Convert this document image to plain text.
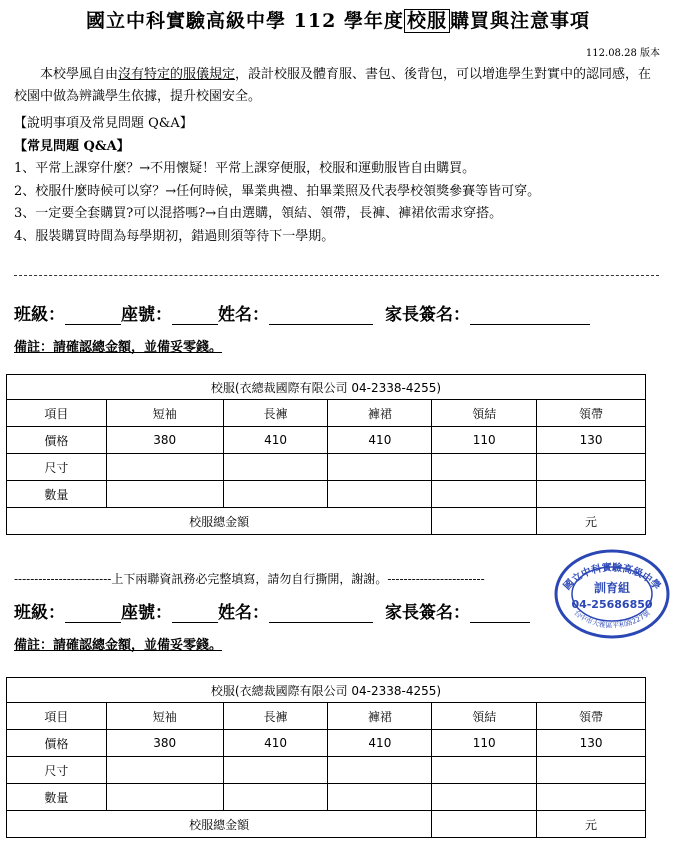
國立中科實驗高級中學 112 學年度 校服 購買與注意事項
112.08.28 版本
本校學風自由沒有特定的服儀規定，設計校服及體育服、書包、後背包，可以增進學生對實中的認同感，在校園中做為辨識學生依據，提升校園安全。
【說明事項及常見問題 Q&A】
【常見問題 Q&A】
1、平常上課穿什麼？→不用懷疑！平常上課穿便服，校服和運動服皆自由購買。
2、校服什麼時候可以穿？→任何時候，畢業典禮、拍畢業照及代表學校領獎參賽等皆可穿。
3、一定要全套購買?可以混搭嗎?→自由選購，領結、領帶，長褲、褲裙依需求穿搭。
4、服裝購買時間為每學期初，錯過則須等待下一學期。
班級：	座號：	姓名：	家長簽名：
備註：請確認總金額，並備妥零錢。
校服(衣總裁國際有限公司 04-2338-4255)					
項目	短袖	長褲	褲裙	領結	領帶
價格	380	410	410	110	130
尺寸					
數量					
校服總金額					元
------------------------上下兩聯資訊務必完整填寫，請勿自行撕開，謝謝。------------------------	國立中科實驗高級中學
台中市大雅區平和路227號
訓育組
04-25686850
班級：	座號：	姓名：	家長簽名：
備註：請確認總金額，並備妥零錢。
校服(衣總裁國際有限公司 04-2338-4255)					
項目	短袖	長褲	褲裙	領結	領帶
價格	380	410	410	110	130
尺寸					
數量					
校服總金額					元
